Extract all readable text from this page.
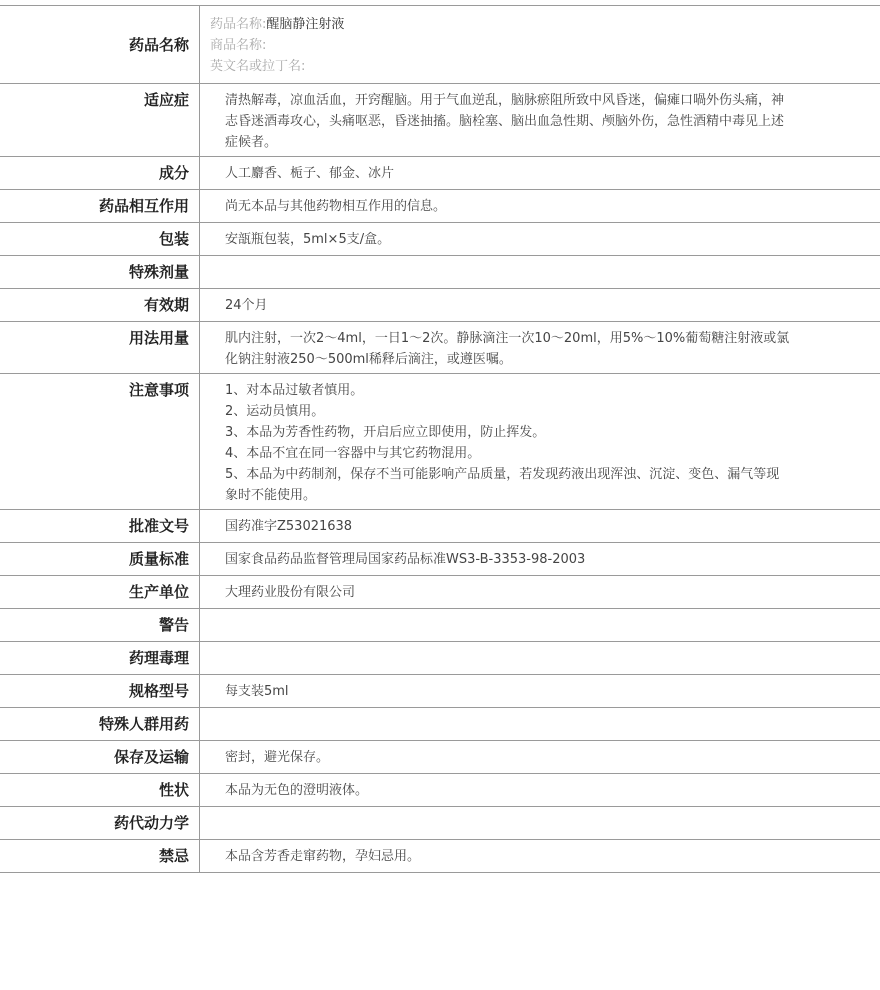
药品名称
药品名称:醒脑静注射液
商品名称:
英文名或拉丁名:
适应症	清热解毒，凉血活血，开窍醒脑。用于气血逆乱，脑脉瘀阻所致中风昏迷，偏瘫口喎外伤头痛，神志昏迷酒毒攻心，头痛呕恶，昏迷抽搐。脑栓塞、脑出血急性期、颅脑外伤，急性酒精中毒见上述症候者。
成分	人工麝香、栀子、郁金、冰片
药品相互作用	尚无本品与其他药物相互作用的信息。
包装	安瓿瓶包装，5ml×5支/盒。
特殊剂量
有效期	24个月
用法用量	肌内注射，一次2～4ml，一日1～2次。静脉滴注一次10～20ml，用5%～10%葡萄糖注射液或氯化钠注射液250～500ml稀释后滴注，或遵医嘱。
注意事项	1、对本品过敏者慎用。
2、运动员慎用。
3、本品为芳香性药物，开启后应立即使用，防止挥发。
4、本品不宜在同一容器中与其它药物混用。
5、本品为中药制剂，保存不当可能影响产品质量，若发现药液出现浑浊、沉淀、变色、漏气等现象时不能使用。
批准文号	国药准字Z53021638
质量标准	国家食品药品监督管理局国家药品标准WS3-B-3353-98-2003
生产单位	大理药业股份有限公司
警告
药理毒理
规格型号	每支装5ml
特殊人群用药
保存及运输	密封，避光保存。
性状	本品为无色的澄明液体。
药代动力学
禁忌	本品含芳香走窜药物，孕妇忌用。
